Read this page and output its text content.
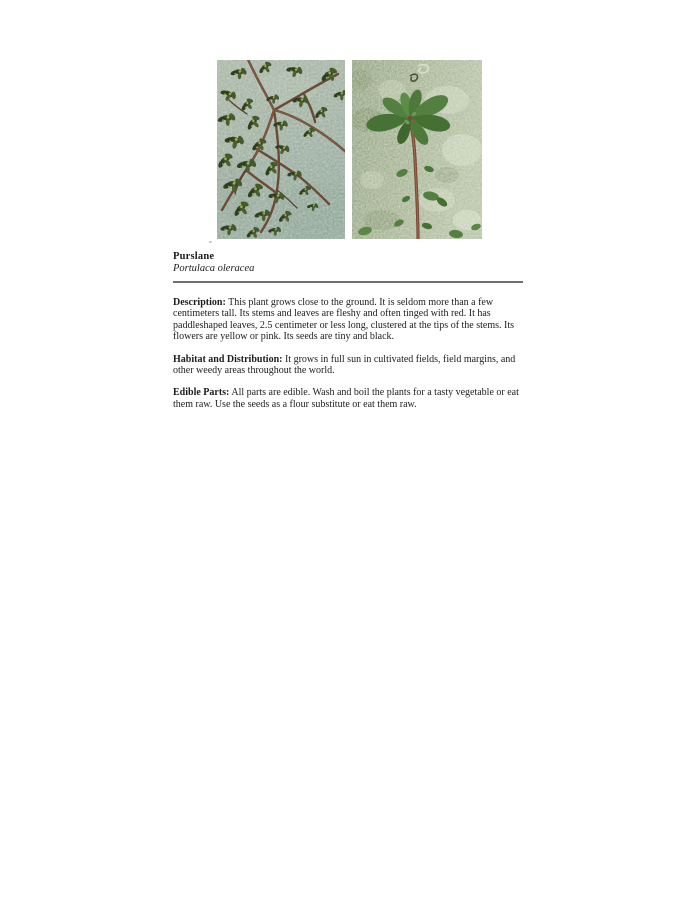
Purslane
Portulaca oleracea

Description: This plant grows close to the ground. It is seldom more than a few centimeters tall. Its stems and leaves are fleshy and often tinged with red. It has paddleshaped leaves, 2.5 centimeter or less long, clustered at the tips of the stems. Its flowers are yellow or pink. Its seeds are tiny and black.

Habitat and Distribution: It grows in full sun in cultivated fields, field margins, and other weedy areas throughout the world.

Edible Parts: All parts are edible. Wash and boil the plants for a tasty vegetable or eat them raw. Use the seeds as a flour substitute or eat them raw.
